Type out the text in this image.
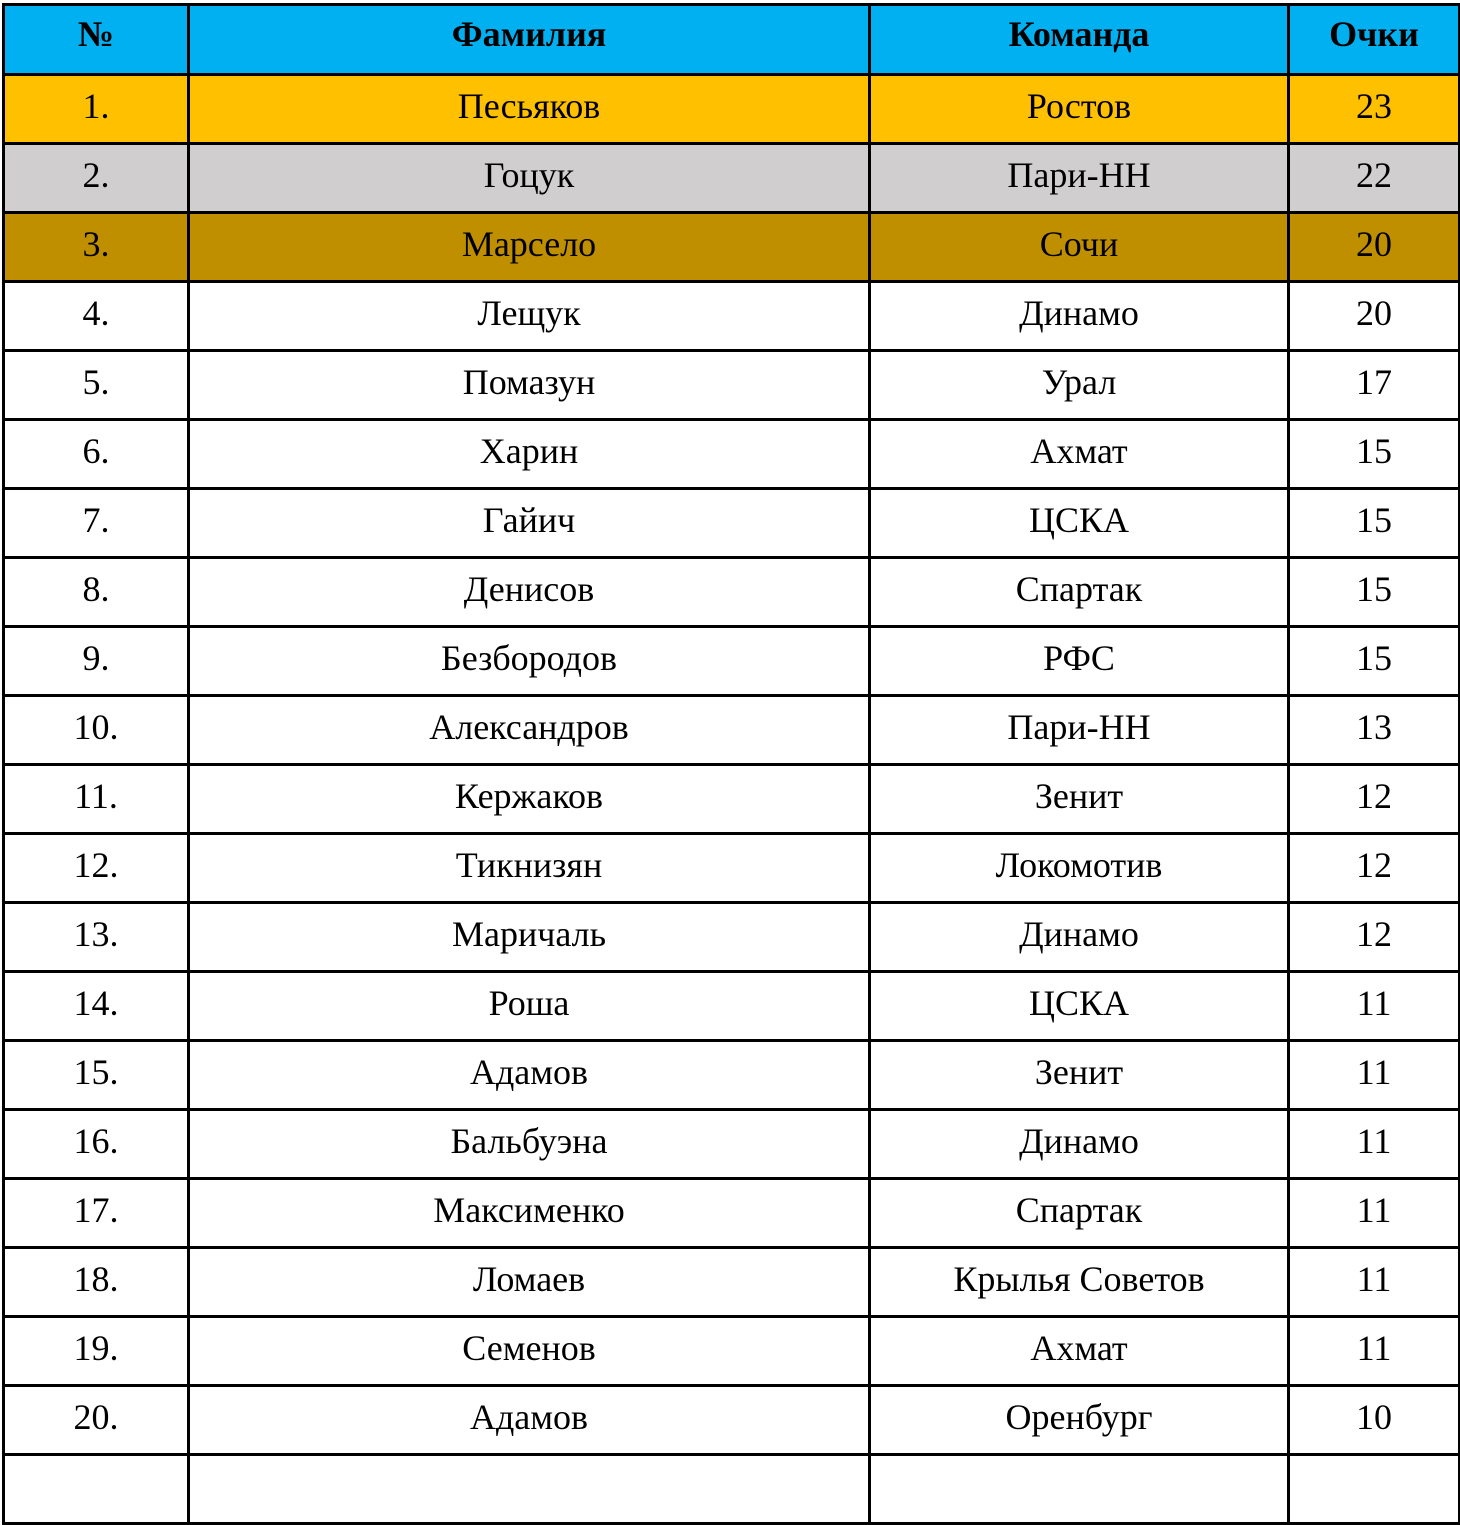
№	Фамилия	Команда	Очки
1.	Песьяков	Ростов	23
2.	Гоцук	Пари-НН	22
3.	Марсело	Сочи	20
4.	Лещук	Динамо	20
5.	Помазун	Урал	17
6.	Харин	Ахмат	15
7.	Гайич	ЦСКА	15
8.	Денисов	Спартак	15
9.	Безбородов	РФС	15
10.	Александров	Пари-НН	13
11.	Кержаков	Зенит	12
12.	Тикнизян	Локомотив	12
13.	Маричаль	Динамо	12
14.	Роша	ЦСКА	11
15.	Адамов	Зенит	11
16.	Бальбуэна	Динамо	11
17.	Максименко	Спартак	11
18.	Ломаев	Крылья Советов	11
19.	Семенов	Ахмат	11
20.	Адамов	Оренбург	10
